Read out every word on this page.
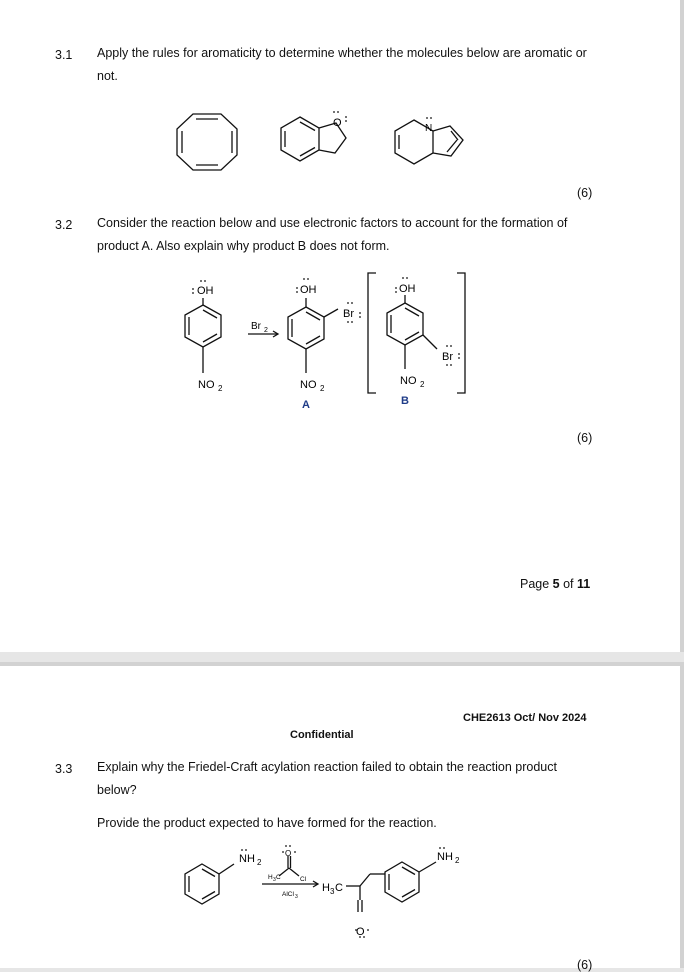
3.1 Apply the rules for aromaticity to determine whether the molecules below are aromatic or not.
O	N
(6)
3.2 Consider the reaction below and use electronic factors to account for the formation of product A. Also explain why product B does not form.
OH	OH	OH
Br
Br
Br 2
NO 2	NO 2
NO 2
A	B
(6)
Page 5 of 11
CHE2613 Oct/ Nov 2024
Confidential
3.3 Explain why the Friedel-Craft acylation reaction failed to obtain the reaction product below?
Provide the product expected to have formed for the reaction.
NH 2	NH 2
O
H 3 C	Cl
AlCl 3
H 3 C
O
(6)
